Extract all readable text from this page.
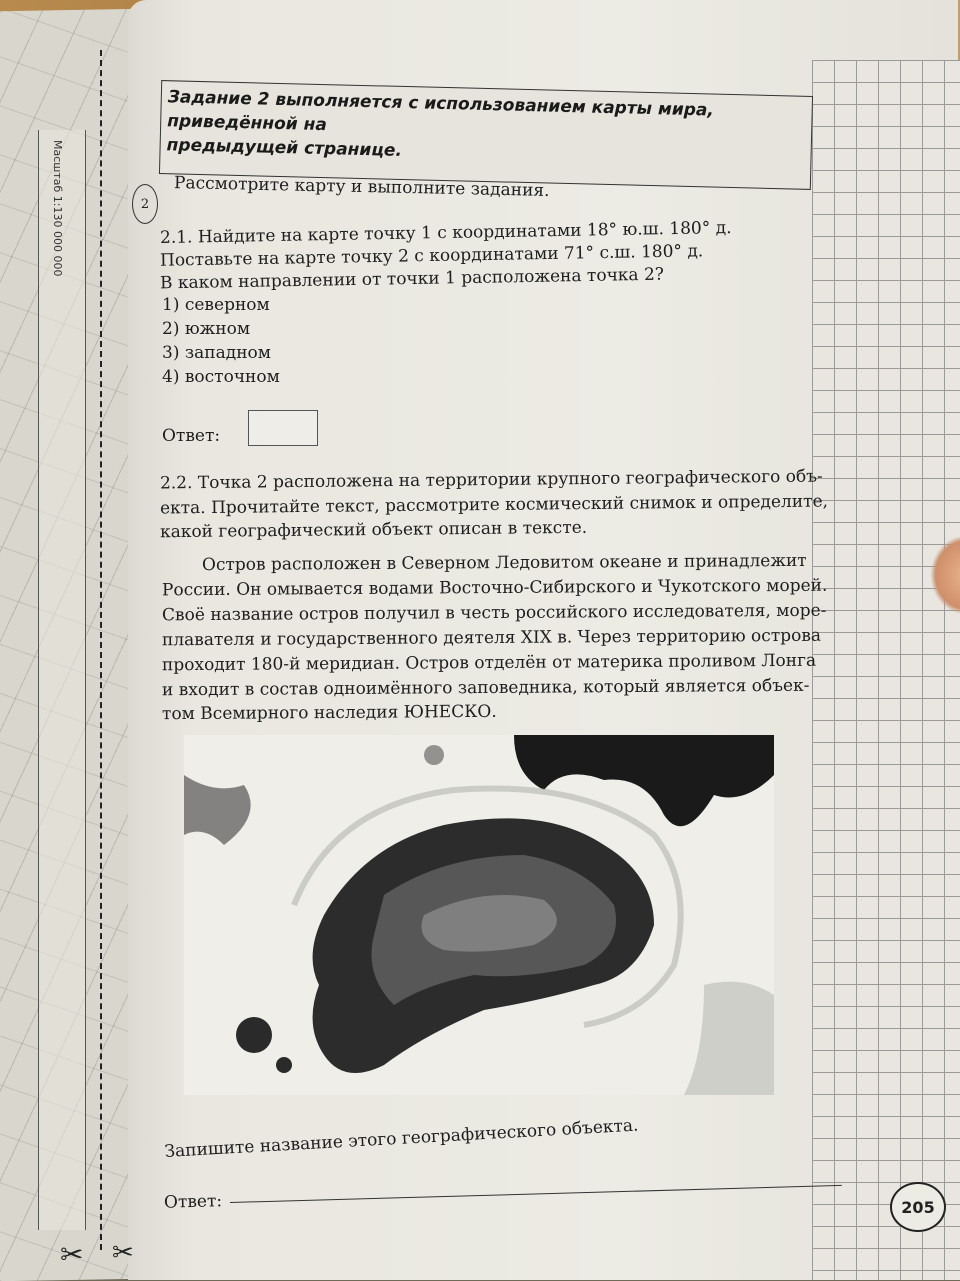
Масштаб 1:130 000 000
✂ ✂
Задание 2 выполняется с использованием карты мира, приведённой на
предыдущей странице.
2
Рассмотрите карту и выполните задания.
2.1. Найдите на карте точку 1 с координатами 18° ю.ш. 180° д.
Поставьте на карте точку 2 с координатами 71° с.ш. 180° д.
В каком направлении от точки 1 расположена точка 2?
1) северном
2) южном
3) западном
4) восточном
Ответ:
2.2. Точка 2 расположена на территории крупного географического объ-
екта. Прочитайте текст, рассмотрите космический снимок и определите,
какой географический объект описан в тексте.
Остров расположен в Северном Ледовитом океане и принадлежит
России. Он омывается водами Восточно-Сибирского и Чукотского морей.
Своё название остров получил в честь российского исследователя, море-
плавателя и государственного деятеля XIX в. Через территорию острова
проходит 180-й меридиан. Остров отделён от материка проливом Лонга
и входит в состав одноимённого заповедника, который является объек-
том Всемирного наследия ЮНЕСКО.
Запишите название этого географического объекта.
Ответ:	205
